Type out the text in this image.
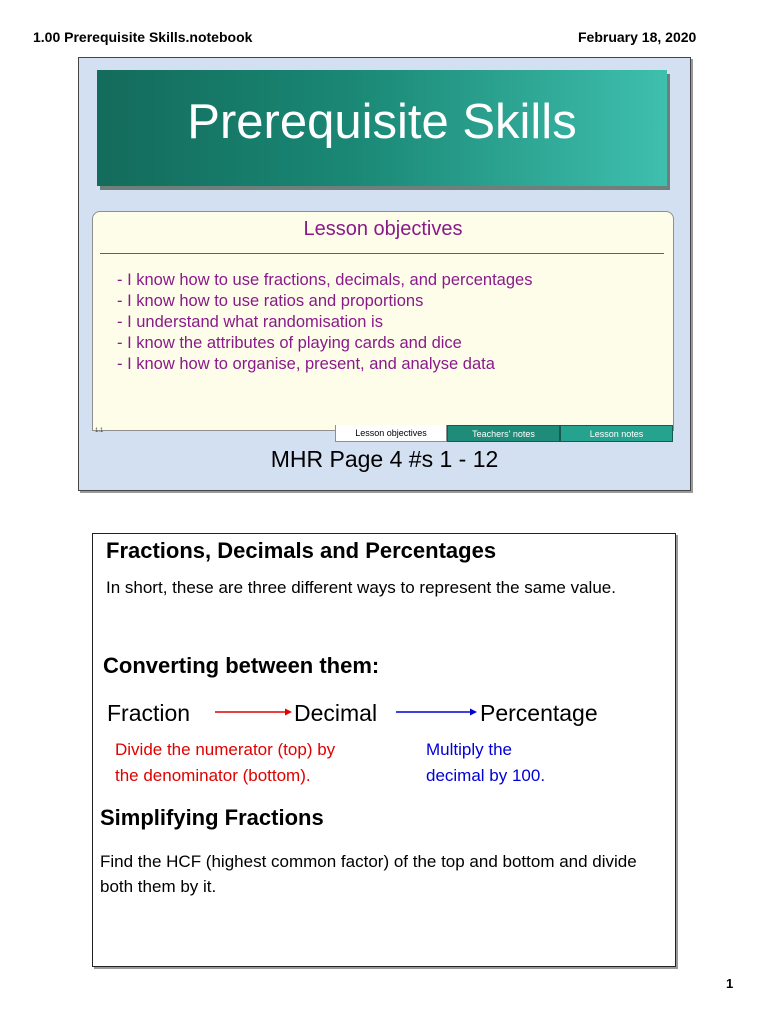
1.00 Prerequisite Skills.notebook	February 18, 2020
Prerequisite Skills
Lesson objectives
- I know how to use fractions, decimals, and percentages
- I know how to use ratios and proportions
- I understand what randomisation is
- I know the attributes of playing cards and dice
- I know how to organise, present, and analyse data
1.1	Lesson objectives	Teachers' notes	Lesson notes
MHR Page 4 #s 1 - 12
Fractions, Decimals and Percentages
In short, these are three different ways to represent the same value.
Converting between them:
Fraction	Decimal	Percentage
Divide the numerator (top) by
the denominator (bottom).
Multiply the
decimal by 100.
Simplifying Fractions
Find the HCF (highest common factor) of the top and bottom and divide both them by it.
1
